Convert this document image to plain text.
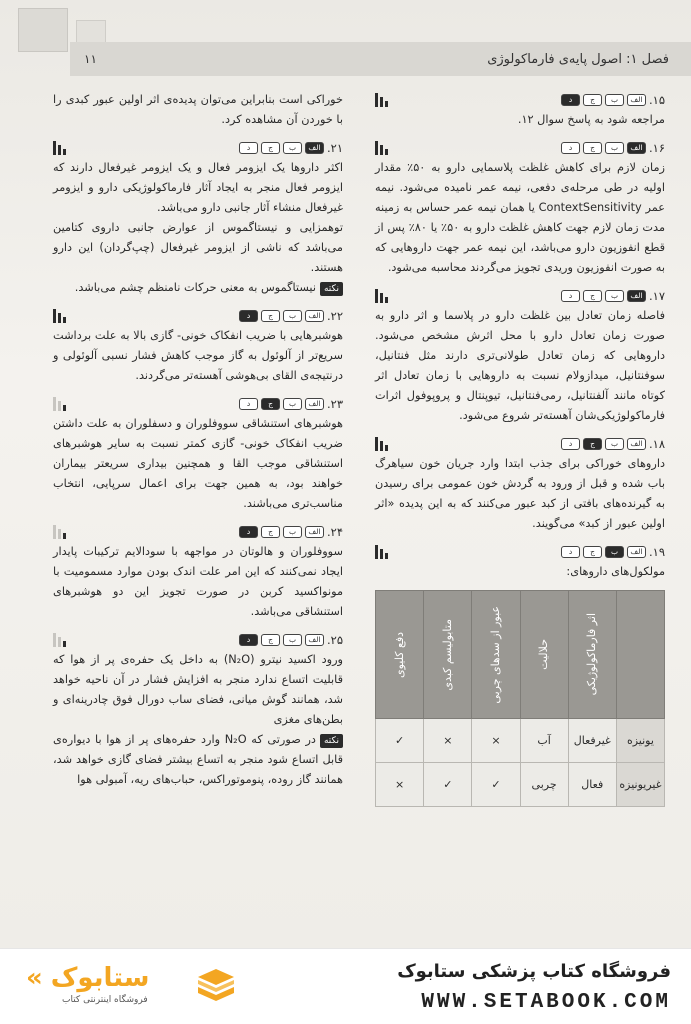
۱۱	فصل ۱: اصول پایه‌ی فارماکولوژی
۱۵.
الف
ب
ج
د

مراجعه شود به پاسخ سوال ۱۲.

۱۶.
الف
ب
ج
د

زمان لازم برای کاهش غلظت پلاسمایی دارو به ۵۰٪ مقدار اولیه در طی مرحله‌ی دفعی، نیمه عمر نامیده می‌شود. نیمه عمر ContextSensitivity یا همان نیمه عمر حساس به زمینه مدت زمان لازم جهت کاهش غلظت دارو به ۵۰٪ یا ۸۰٪ پس از قطع انفوزیون دارو می‌باشد، این نیمه عمر جهت داروهایی که به صورت انفوزیون وریدی تجویز می‌گردند محاسبه می‌شود.

۱۷.
الف
ب
ج
د

فاصله زمان تعادل بین غلظت دارو در پلاسما و اثر دارو به صورت زمان تعادل دارو با محل اثرش مشخص می‌شود. داروهایی که زمان تعادل طولانی‌تری دارند مثل فنتانیل، سوفنتانیل، میدازولام نسبت به داروهایی با زمان تعادل اثر کوتاه مانند آلفنتانیل، رمی‌فنتانیل، تیوپنتال و پروپوفول اثرات فارماکولوژیکی‌شان آهسته‌تر شروع می‌شود.

۱۸.
الف
ب
ج
د

داروهای خوراکی برای جذب ابتدا وارد جریان خون سیاهرگ باب شده و قبل از ورود به گردش خون عمومی برای رسیدن به گیرنده‌های بافتی از کبد عبور می‌کنند که به این پدیده «اثر اولین عبور از کبد» می‌گویند.

۱۹.
الف
ب
ج
د

مولکول‌های داروهای:

	اثر فارماکولوژیکی	حلالیت	عبور از سدهای چربی	متابولیسم کبدی	دفع کلیوی

یونیزه	غیرفعال	آب	×	×	✓
غیریونیزه	فعال	چربی	✓	✓	×

خوراکی است بنابراین می‌توان پدیده‌ی اثر اولین عبور کبدی را با خوردن آن مشاهده کرد.

۲۱.
الف
ب
ج
د

اکثر داروها یک ایزومر فعال و یک ایزومر غیرفعال دارند که ایزومر فعال منجر به ایجاد آثار فارماکولوژیکی دارو و ایزومر غیرفعال منشاء آثار جانبی دارو می‌باشد.

توهمزایی و نیستاگموس از عوارض جانبی داروی کتامین می‌باشد که ناشی از ایزومر غیرفعال (چپ‌گردان) این دارو هستند.

نکتهنیستاگموس به معنی حرکات نامنظم چشم می‌باشد.

۲۲.
الف
ب
ج
د

هوشبرهایی با ضریب انفکاک خونی- گازی بالا به علت برداشت سریع‌تر از آلوئول به گاز موجب کاهش فشار نسبی آلوئولی و درنتیجه‌ی القای بی‌هوشی آهسته‌تر می‌گردند.

۲۳.
الف
ب
ج
د

هوشبرهای استنشاقی سووفلوران و دسفلوران به علت داشتن ضریب انفکاک خونی- گازی کمتر نسبت به سایر هوشبرهای استنشاقی موجب القا و همچنین بیداری سریعتر بیماران خواهند بود، به همین جهت برای اعمال سرپایی، انتخاب مناسب‌تری می‌باشند.

۲۴.
الف
ب
ج
د

سووفلوران و هالوتان در مواجهه با سودالایم ترکیبات پایدار ایجاد نمی‌کنند که این امر علت اندک بودن موارد مسمومیت با مونواکسید کربن در صورت تجویز این دو هوشبرهای استنشاقی می‌باشد.

۲۵.
الف
ب
ج
د

ورود اکسید نیترو (N₂O) به داخل یک حفره‌ی پر از هوا که قابلیت اتساع ندارد منجر به افزایش فشار در آن ناحیه خواهد شد، همانند گوش میانی، فضای ساب دورال فوق چادرینه‌ای و بطن‌های مغزی

نکتهدر صورتی که N₂O وارد حفره‌های پر از هوا با دیواره‌ی قابل اتساع شود منجر به اتساع بیشتر فضای گازی خواهد شد، همانند گاز روده، پنوموتوراکس، حباب‌های ریه، آمبولی هوا

« ستابوک
فروشگاه اینترنتی کتاب
فروشگاه کتاب پزشکی ستابوک
WWW.SETABOOK.COM
